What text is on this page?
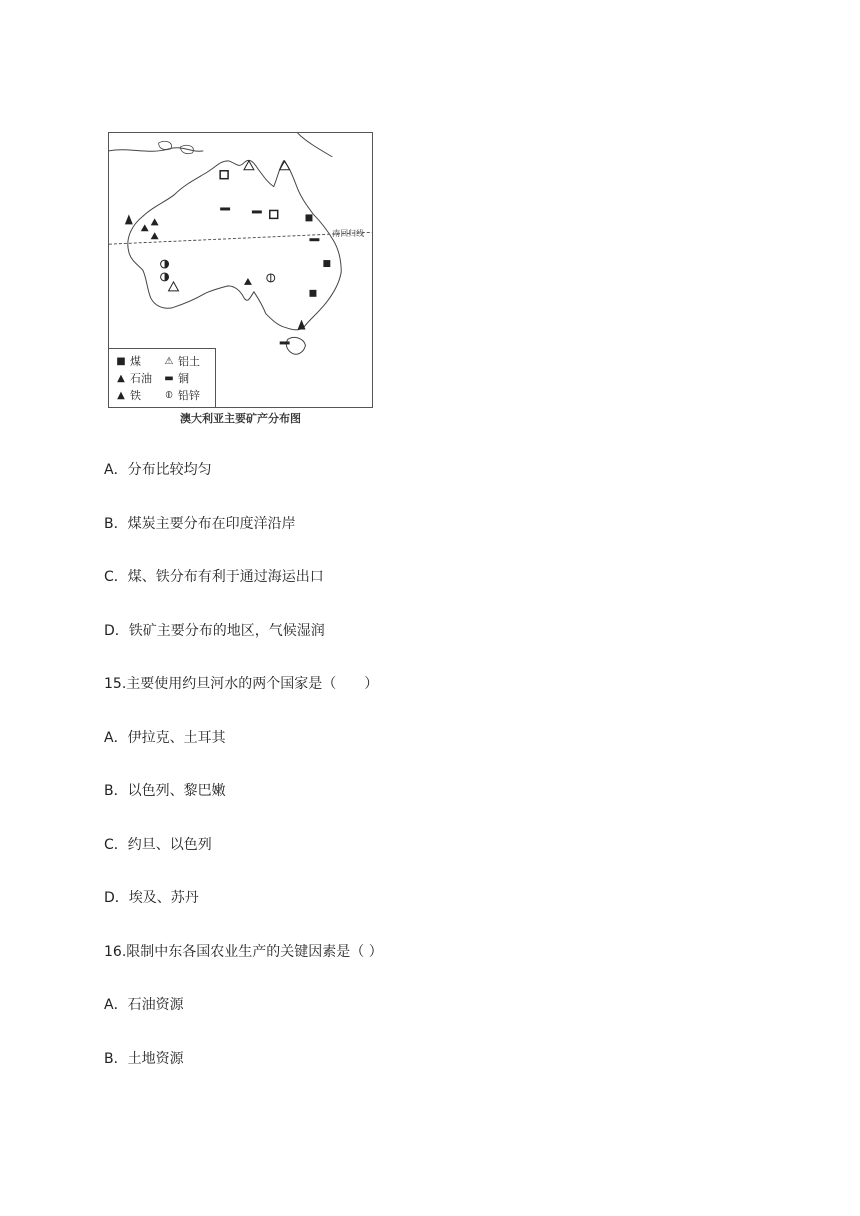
南回归线
■ 煤 ⚠ 铝土
▲ 石油 ▬ 铜
▲ 铁 ⦶ 铅锌
澳大利亚主要矿产分布图
A．分布比较均匀
B．煤炭主要分布在印度洋沿岸
C．煤、铁分布有利于通过海运出口
D．铁矿主要分布的地区，气候湿润
15.主要使用约旦河水的两个国家是（　　）
A．伊拉克、土耳其
B．以色列、黎巴嫩
C．约旦、以色列
D．埃及、苏丹
16.限制中东各国农业生产的关键因素是（ ）
A．石油资源
B．土地资源
